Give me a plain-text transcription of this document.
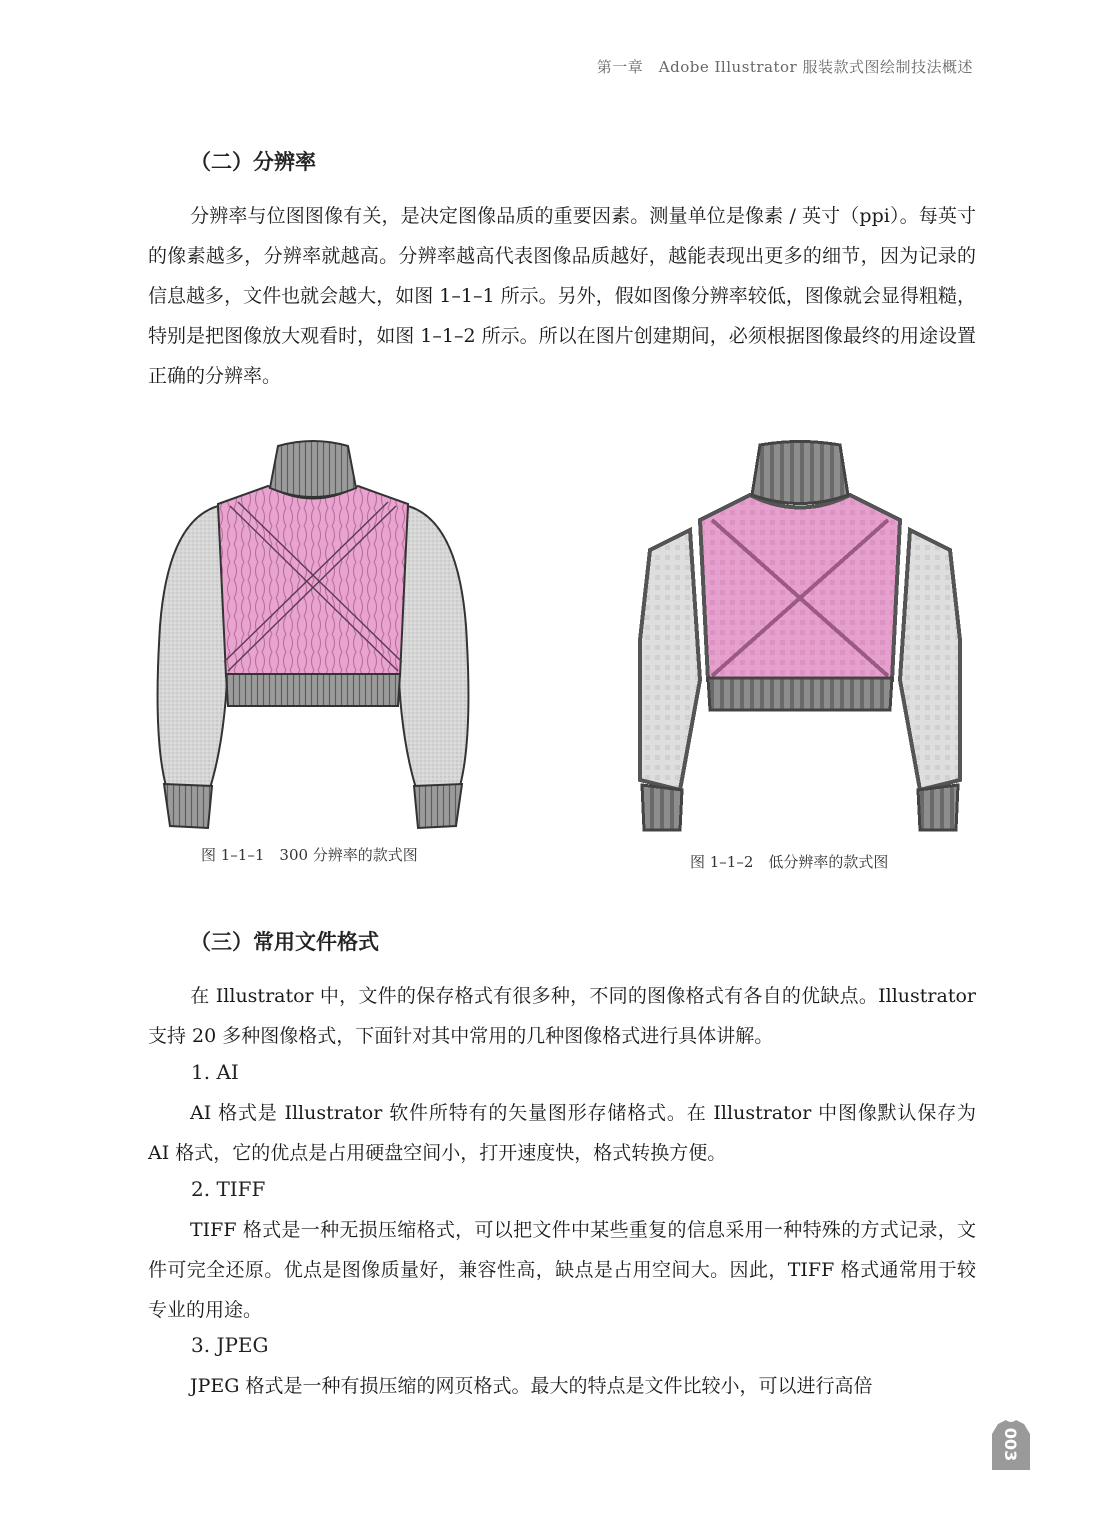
第一章　Adobe Illustrator 服装款式图绘制技法概述
（二）分辨率
分辨率与位图图像有关，是决定图像品质的重要因素。测量单位是像素 / 英寸（ppi）。每英寸的像素越多，分辨率就越高。分辨率越高代表图像品质越好，越能表现出更多的细节，因为记录的信息越多，文件也就会越大，如图 1–1–1 所示。另外，假如图像分辨率较低，图像就会显得粗糙，特别是把图像放大观看时，如图 1–1–2 所示。所以在图片创建期间，必须根据图像最终的用途设置正确的分辨率。
图 1–1–1　300 分辨率的款式图	图 1–1–2　低分辨率的款式图
（三）常用文件格式
在 Illustrator 中，文件的保存格式有很多种，不同的图像格式有各自的优缺点。Illustrator 支持 20 多种图像格式，下面针对其中常用的几种图像格式进行具体讲解。
1. AI
AI 格式是 Illustrator 软件所特有的矢量图形存储格式。在 Illustrator 中图像默认保存为 AI 格式，它的优点是占用硬盘空间小，打开速度快，格式转换方便。
2. TIFF
TIFF 格式是一种无损压缩格式，可以把文件中某些重复的信息采用一种特殊的方式记录，文件可完全还原。优点是图像质量好，兼容性高，缺点是占用空间大。因此，TIFF 格式通常用于较专业的用途。
3. JPEG
JPEG 格式是一种有损压缩的网页格式。最大的特点是文件比较小，可以进行高倍
003
